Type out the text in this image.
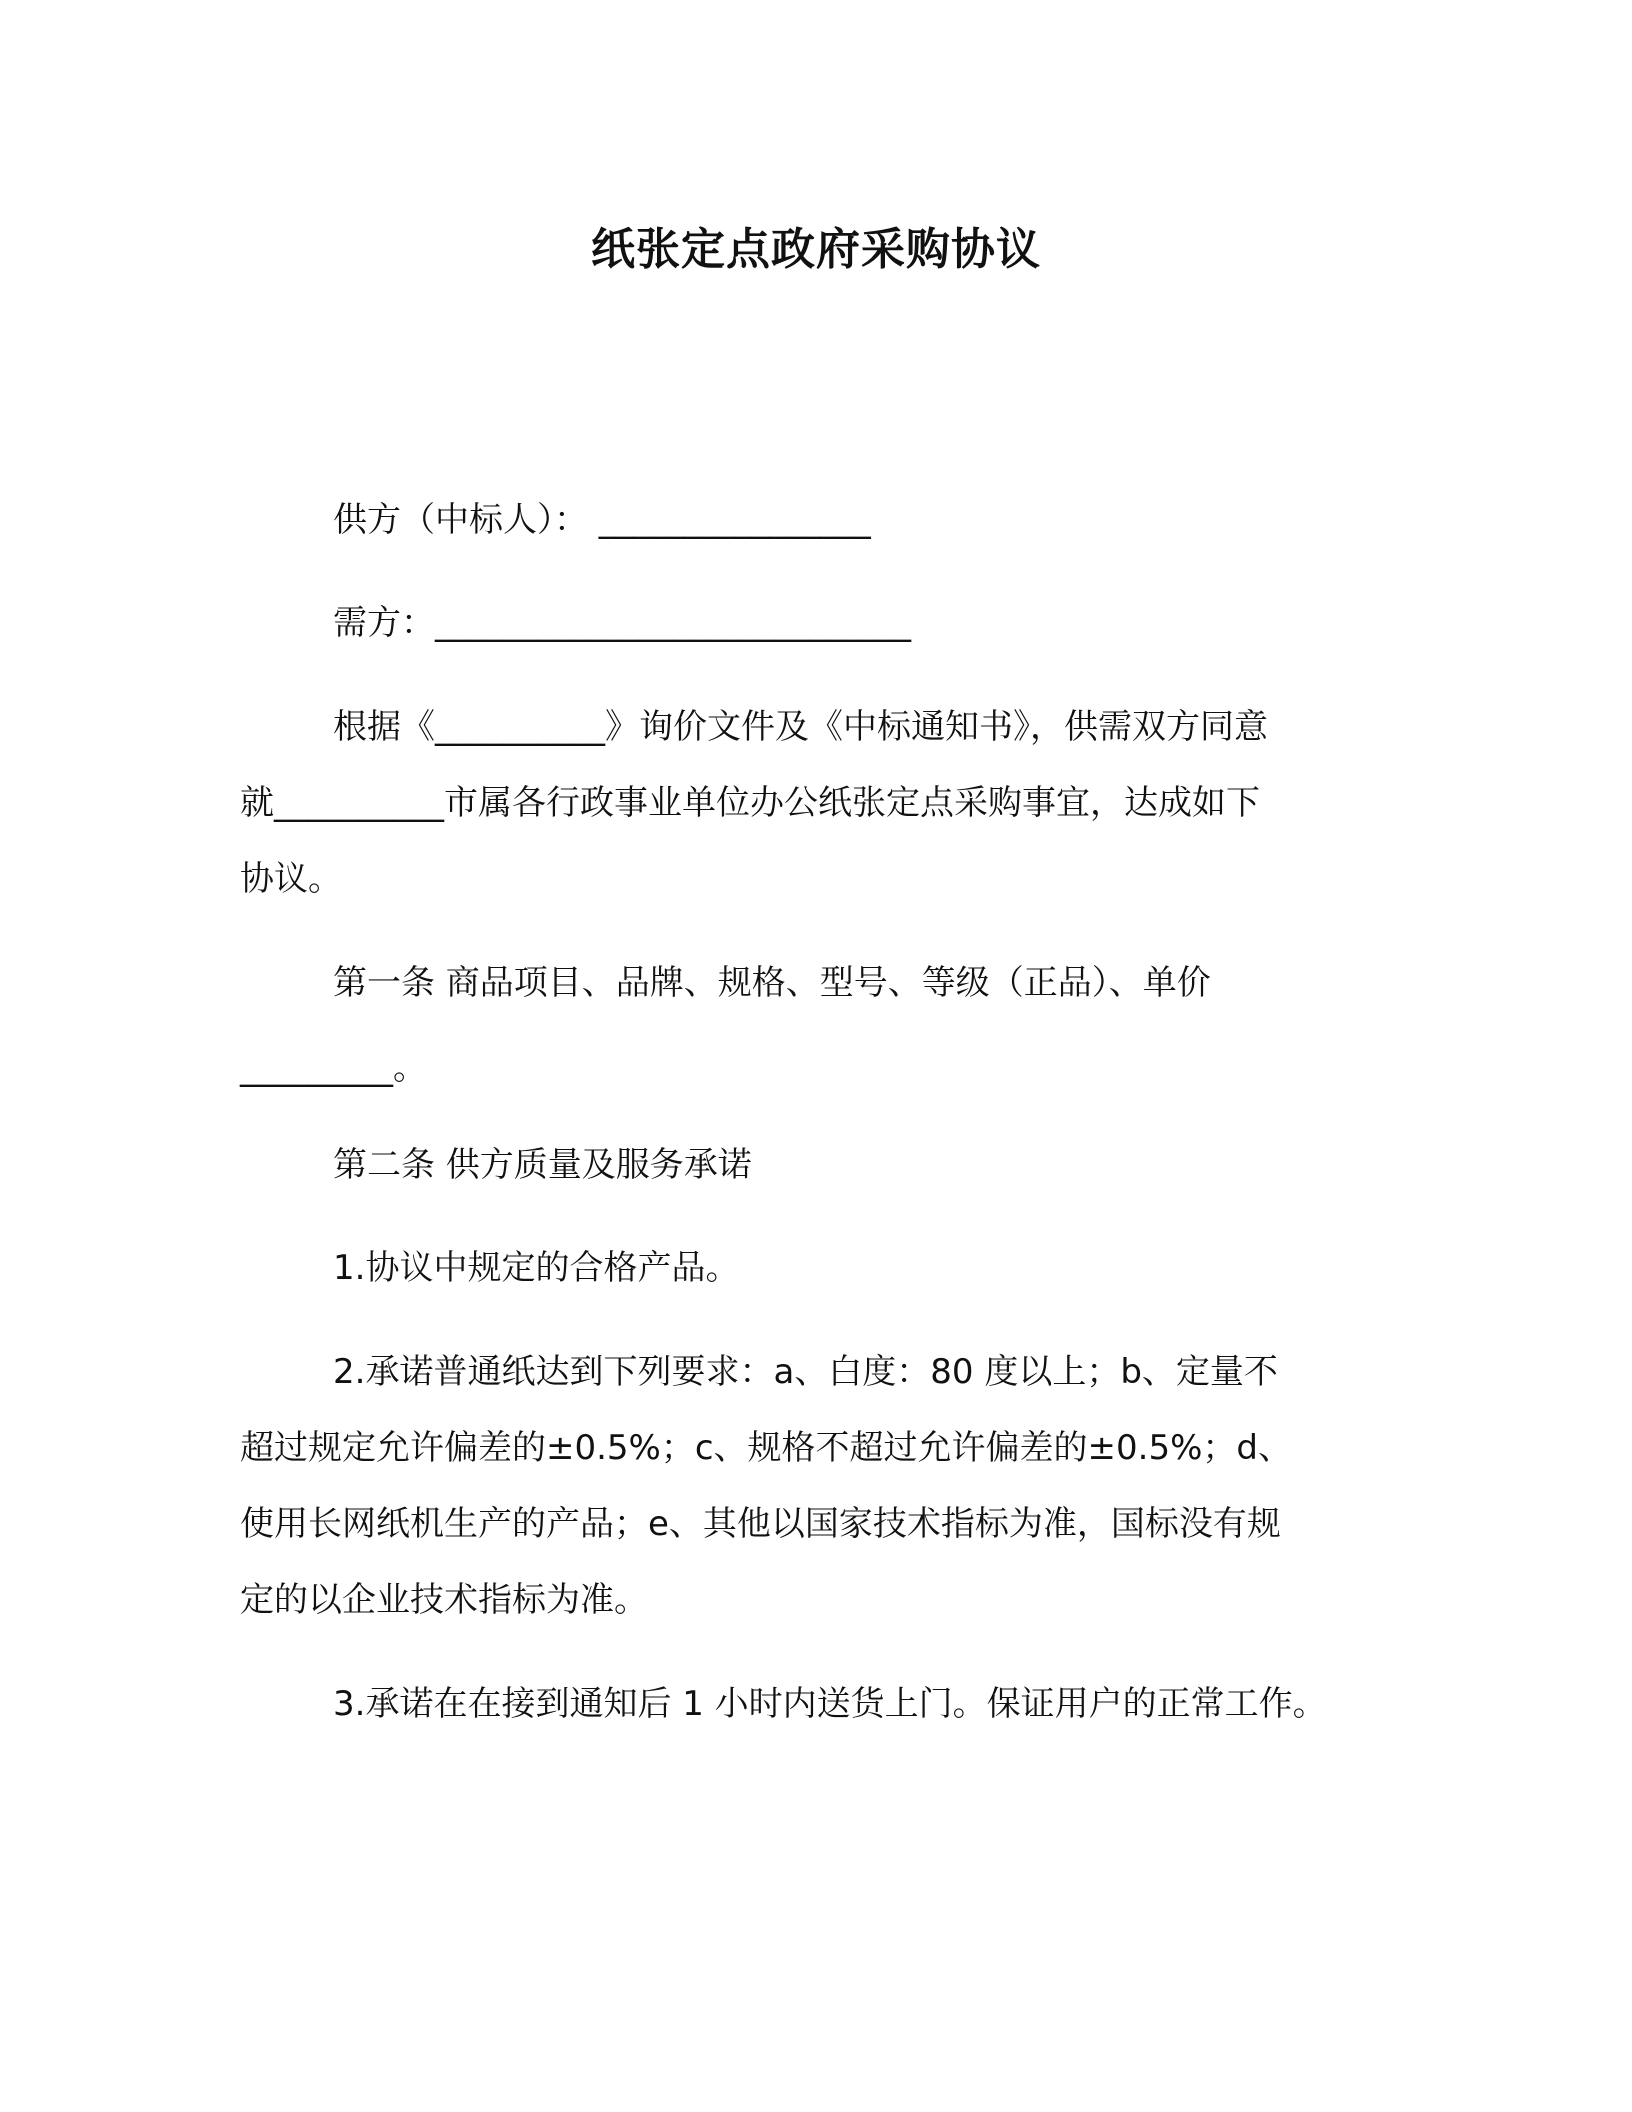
纸张定点政府采购协议
供方（中标人）： ________________
需方：____________________________
根据《__________》询价文件及《中标通知书》，供需双方同意
就__________市属各行政事业单位办公纸张定点采购事宜，达成如下
协议。
第一条 商品项目、品牌、规格、型号、等级（正品）、单价
_________。
第二条 供方质量及服务承诺
1.协议中规定的合格产品。
2.承诺普通纸达到下列要求：a、白度：80 度以上；b、定量不
超过规定允许偏差的±0.5%；c、规格不超过允许偏差的±0.5%；d、
使用长网纸机生产的产品；e、其他以国家技术指标为准，国标没有规
定的以企业技术指标为准。
3.承诺在在接到通知后 1 小时内送货上门。保证用户的正常工作。
